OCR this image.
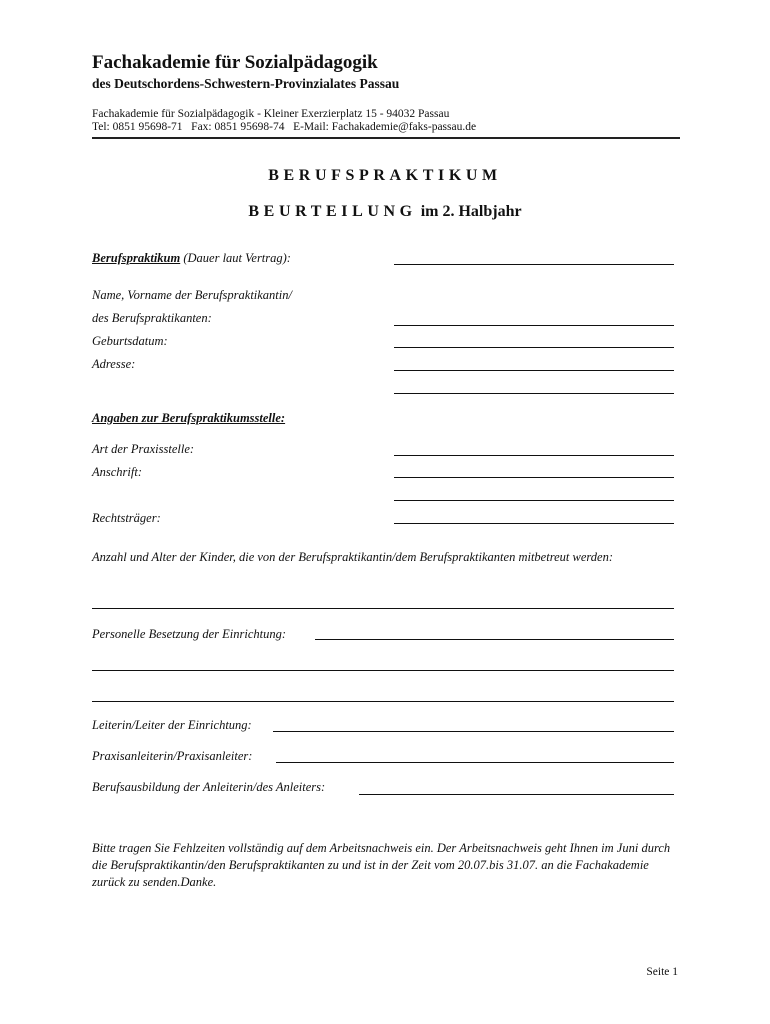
Fachakademie für Sozialpädagogik
des Deutschordens-Schwestern-Provinzialates Passau
Fachakademie für Sozialpädagogik - Kleiner Exerzierplatz 15 - 94032 Passau
Tel: 0851 95698-71   Fax: 0851 95698-74   E-Mail: Fachakademie@faks-passau.de
BERUFSPRAKTIKUM
BEURTEILUNG im 2. Halbjahr
Berufspraktikum (Dauer laut Vertrag):
Name, Vorname der Berufspraktikantin/
des Berufspraktikanten:
Geburtsdatum:
Adresse:
Angaben zur Berufspraktikumsstelle:
Art der Praxisstelle:
Anschrift:
Rechtsträger:
Anzahl und Alter der Kinder, die von der Berufspraktikantin/dem Berufspraktikanten mitbetreut werden:
Personelle Besetzung der Einrichtung:
Leiterin/Leiter der Einrichtung:
Praxisanleiterin/Praxisanleiter:
Berufsausbildung der Anleiterin/des Anleiters:
Bitte tragen Sie Fehlzeiten vollständig auf dem Arbeitsnachweis ein. Der Arbeitsnachweis geht Ihnen im Juni durch die Berufspraktikantin/den Berufspraktikanten zu und ist in der Zeit vom 20.07.bis 31.07. an die Fachakademie zurück zu senden.Danke.
Seite 1
